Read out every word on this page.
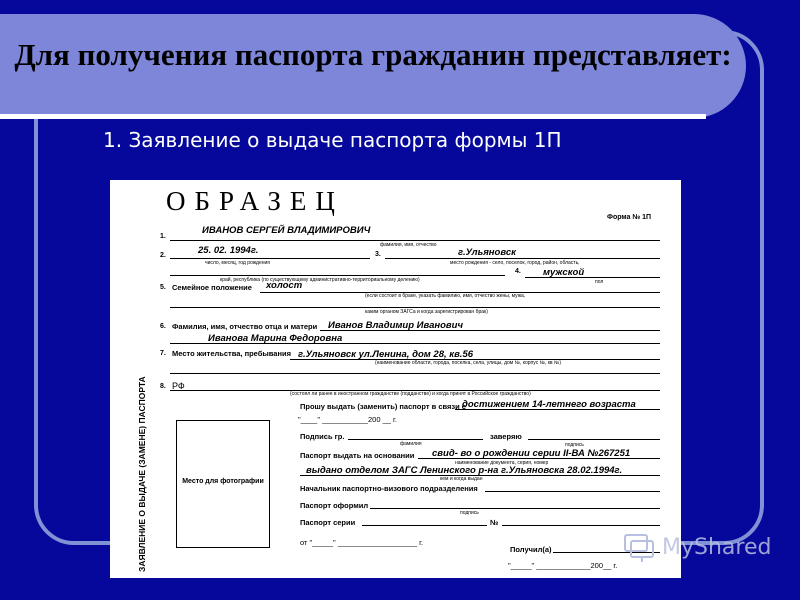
Для получения паспорта гражданин представляет:
1. Заявление о выдаче паспорта формы 1П
ОБРАЗЕЦ
Форма № 1П
ЗАЯВЛЕНИЕ О ВЫДАЧЕ (ЗАМЕНЕ) ПАСПОРТА
1.
ИВАНОВ СЕРГЕЙ ВЛАДИМИРОВИЧ
фамилия, имя, отчество
2.	25. 02. 1994г.
число, месяц, год рождения
3.	г.Ульяновск
место рождения - село, поселок, город, район, область,
4. мужской
край, республика (по существующему административно-территориальному делению)	пол
5. Семейное положение холост
(если состоит в браке, указать фамилию, имя, отчество жены, мужа,
каким органом ЗАГСа и когда зарегистрирован брак)
6. Фамилия, имя, отчество отца и матери Иванов Владимир Иванович
Иванова Марина Федоровна
7. Место жительства, пребывания г.Ульяновск ул.Ленина, дом 28, кв.56
(наименование области, города, поселка, села, улицы, дом №, корпус №, кв №)
8. РФ
(состоял ли ранее в иностранном гражданстве (подданстве) и когда принят в Российское гражданство)
Прошу выдать (заменить) паспорт в связи с
достижением 14-летнего возраста
"____" ___________200 __ г.
Подпись гр.
фамилия
заверяю
подпись
Паспорт выдать на основании свид- во о рождении серии II-ВА №267251
наименование документа, серия, номер
выдано отделом ЗАГС Ленинского р-на г.Ульяновска 28.02.1994г.
кем и когда выдан
Начальник паспортно-визового подразделения
Паспорт оформил
подпись
Паспорт серии	№
от "_____" ___________________ г.
Получил(а)
"_____" _____________200__ г.
Место для фотографии
MyShared
